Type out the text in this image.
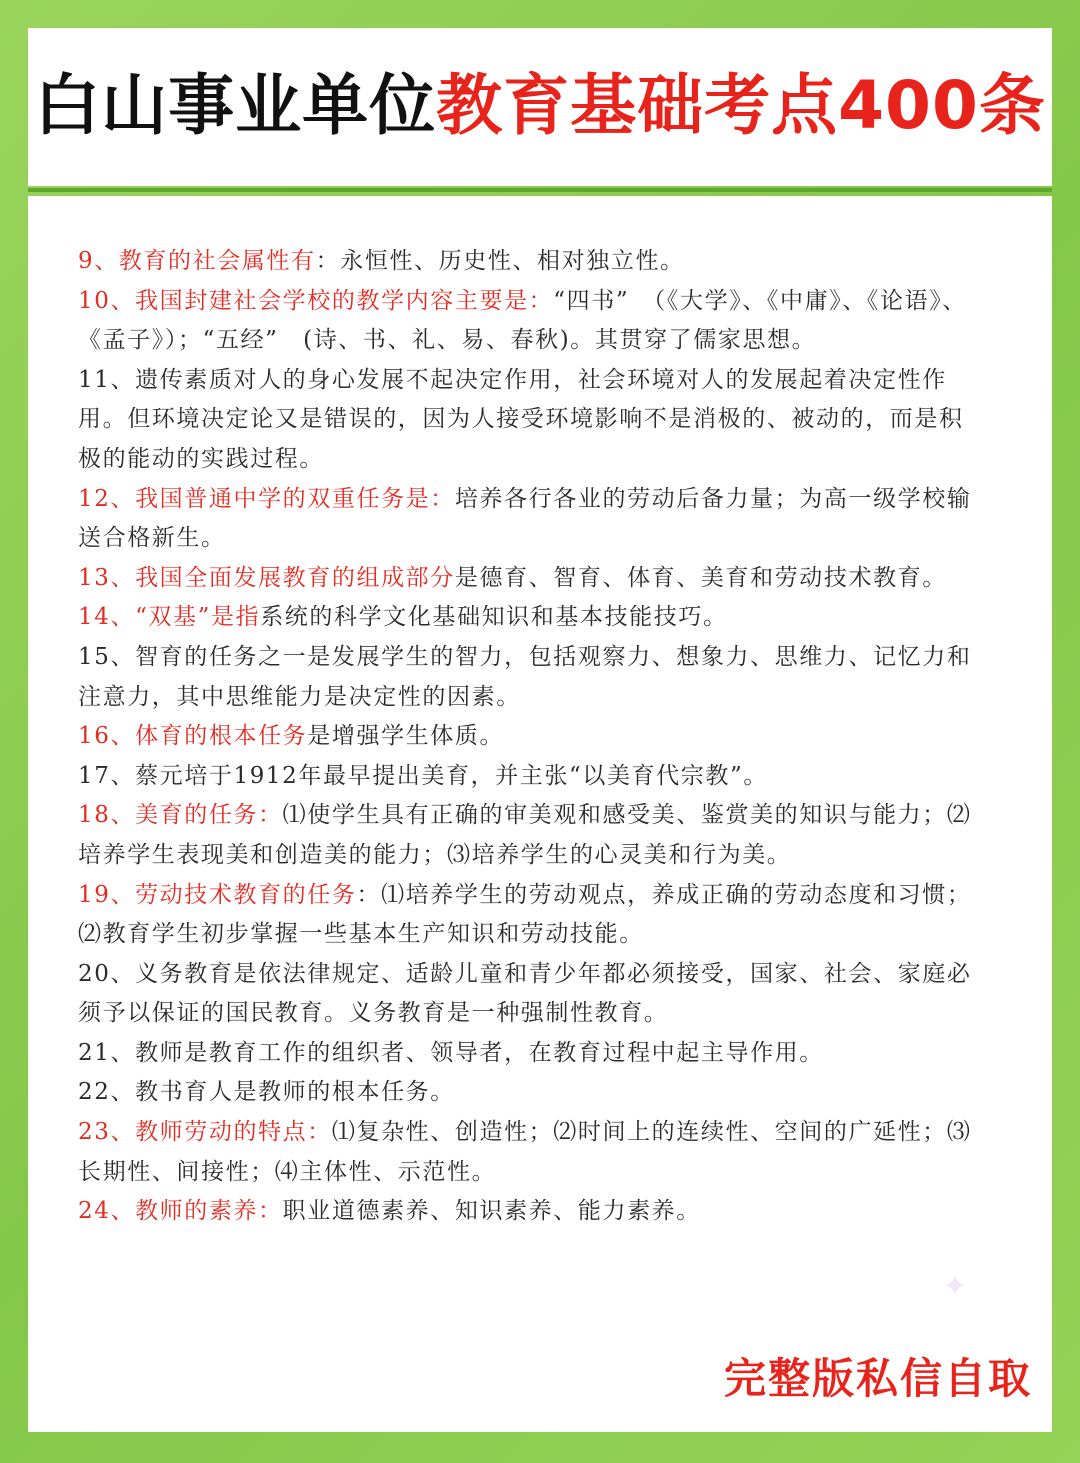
白山事业单位教育基础考点400条

9、教育的社会属性有：永恒性、历史性、相对独立性。

10、我国封建社会学校的教学内容主要是：“四书”　（《大学》、《中庸》、《论语》、《孟子》）；“五经”　(诗、书、礼、易、春秋)。其贯穿了儒家思想。

11、遗传素质对人的身心发展不起决定作用，社会环境对人的发展起着决定性作用。但环境决定论又是错误的，因为人接受环境影响不是消极的、被动的，而是积极的能动的实践过程。

12、我国普通中学的双重任务是：培养各行各业的劳动后备力量；为高一级学校输送合格新生。

13、我国全面发展教育的组成部分是德育、智育、体育、美育和劳动技术教育。

14、“双基”是指系统的科学文化基础知识和基本技能技巧。

15、智育的任务之一是发展学生的智力，包括观察力、想象力、思维力、记忆力和注意力，其中思维能力是决定性的因素。

16、体育的根本任务是增强学生体质。

17、蔡元培于1912年最早提出美育，并主张“以美育代宗教”。

18、美育的任务：⑴使学生具有正确的审美观和感受美、鉴赏美的知识与能力；⑵培养学生表现美和创造美的能力；⑶培养学生的心灵美和行为美。

19、劳动技术教育的任务：⑴培养学生的劳动观点，养成正确的劳动态度和习惯；⑵教育学生初步掌握一些基本生产知识和劳动技能。

20、义务教育是依法律规定、适龄儿童和青少年都必须接受，国家、社会、家庭必须予以保证的国民教育。义务教育是一种强制性教育。

21、教师是教育工作的组织者、领导者，在教育过程中起主导作用。

22、教书育人是教师的根本任务。

23、教师劳动的特点：⑴复杂性、创造性；⑵时间上的连续性、空间的广延性；⑶长期性、间接性；⑷主体性、示范性。

24、教师的素养：职业道德素养、知识素养、能力素养。

✦
完整版私信自取
